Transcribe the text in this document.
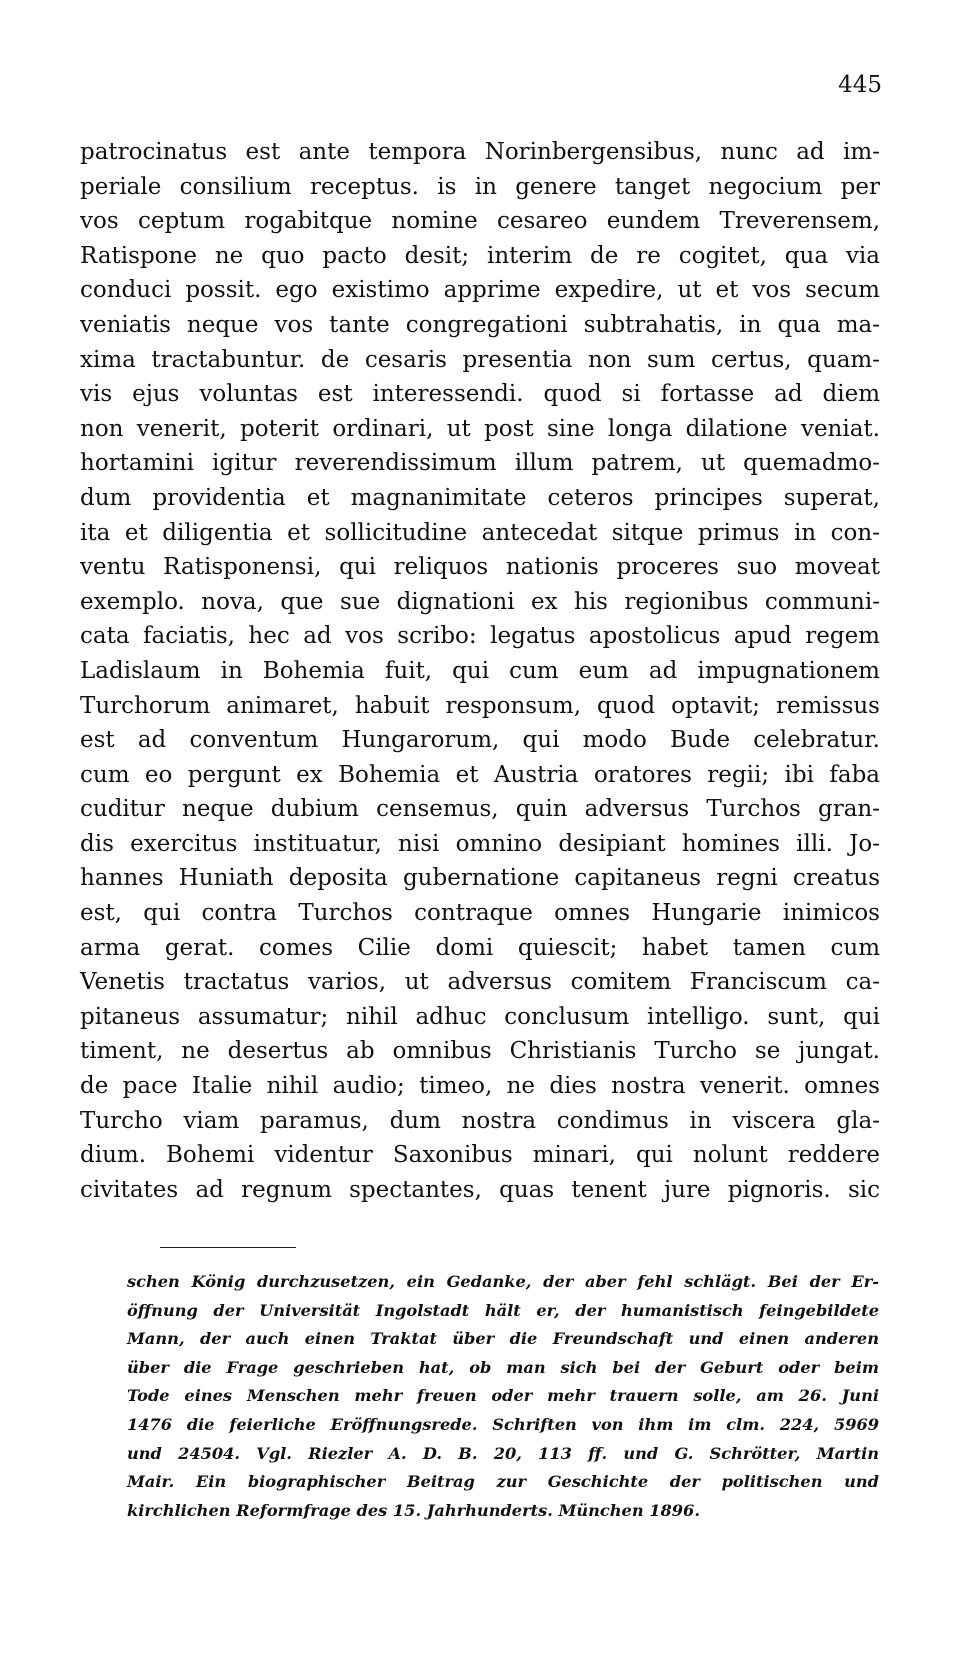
445

patrocinatus est ante tempora Norinbergensibus, nunc ad im-
periale consilium receptus. is in genere tanget negocium per
vos ceptum rogabitque nomine cesareo eundem Treverensem,
Ratispone ne quo pacto desit; interim de re cogitet, qua via
conduci possit. ego existimo apprime expedire, ut et vos secum
veniatis neque vos tante congregationi subtrahatis, in qua ma-
xima tractabuntur. de cesaris presentia non sum certus, quam-
vis ejus voluntas est interessendi. quod si fortasse ad diem
non venerit, poterit ordinari, ut post sine longa dilatione veniat.
hortamini igitur reverendissimum illum patrem, ut quemadmo-
dum providentia et magnanimitate ceteros principes superat,
ita et diligentia et sollicitudine antecedat sitque primus in con-
ventu Ratisponensi, qui reliquos nationis proceres suo moveat
exemplo. nova, que sue dignationi ex his regionibus communi-
cata faciatis, hec ad vos scribo: legatus apostolicus apud regem
Ladislaum in Bohemia fuit, qui cum eum ad impugnationem
Turchorum animaret, habuit responsum, quod optavit; remissus
est ad conventum Hungarorum, qui modo Bude celebratur.
cum eo pergunt ex Bohemia et Austria oratores regii; ibi faba
cuditur neque dubium censemus, quin adversus Turchos gran-
dis exercitus instituatur, nisi omnino desipiant homines illi. Jo-
hannes Huniath deposita gubernatione capitaneus regni creatus
est, qui contra Turchos contraque omnes Hungarie inimicos
arma gerat. comes Cilie domi quiescit; habet tamen cum
Venetis tractatus varios, ut adversus comitem Franciscum ca-
pitaneus assumatur; nihil adhuc conclusum intelligo. sunt, qui
timent, ne desertus ab omnibus Christianis Turcho se jungat.
de pace Italie nihil audio; timeo, ne dies nostra venerit. omnes
Turcho viam paramus, dum nostra condimus in viscera gla-
dium. Bohemi videntur Saxonibus minari, qui nolunt reddere
civitates ad regnum spectantes, quas tenent jure pignoris. sic
schen König durchzusetzen, ein Gedanke, der aber fehl schlägt. Bei der Er-
öffnung der Universität Ingolstadt hält er, der humanistisch feingebildete
Mann, der auch einen Traktat über die Freundschaft und einen anderen
über die Frage geschrieben hat, ob man sich bei der Geburt oder beim
Tode eines Menschen mehr freuen oder mehr trauern solle, am 26. Juni
1476 die feierliche Eröffnungsrede. Schriften von ihm im clm. 224, 5969
und 24504. Vgl. Riezler A. D. B. 20, 113 ff. und G. Schrötter, Martin
Mair. Ein biographischer Beitrag zur Geschichte der politischen und
kirchlichen Reformfrage des 15. Jahrhunderts. München 1896.
